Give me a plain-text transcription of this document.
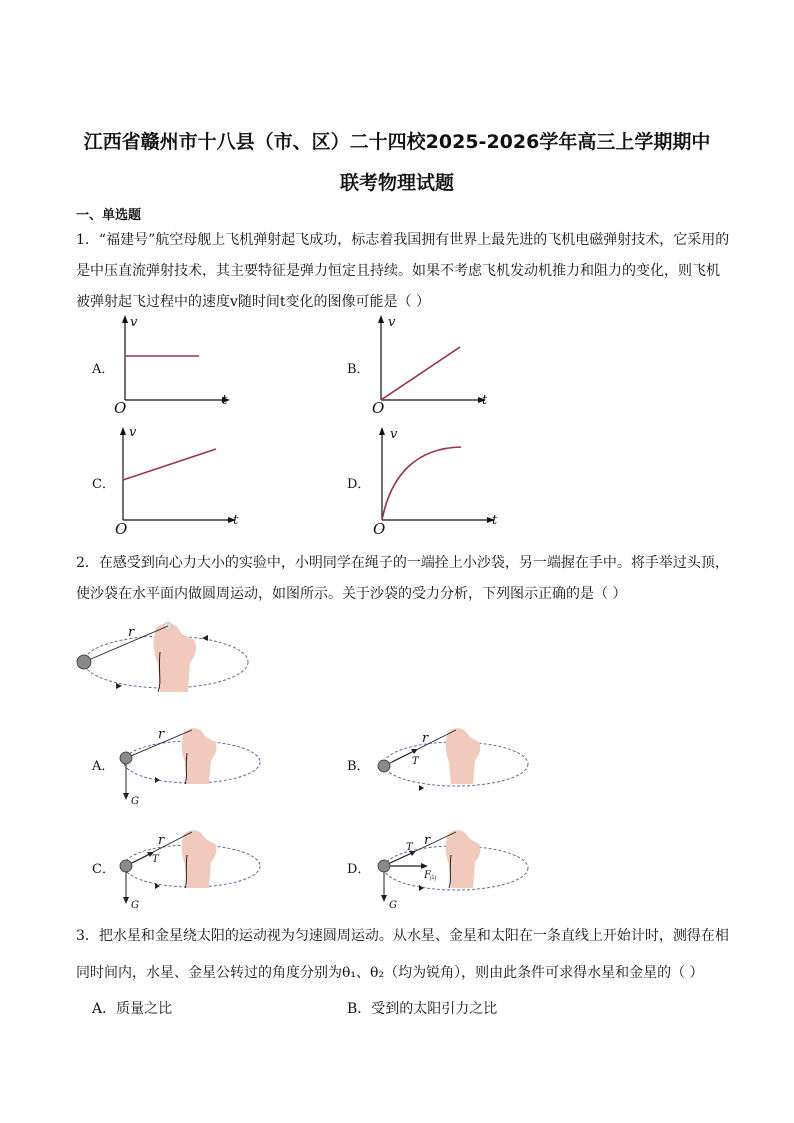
江西省赣州市十八县（市、区）二十四校2025-2026学年高三上学期期中
联考物理试题
一、单选题
1．“福建号”航空母舰上飞机弹射起飞成功，标志着我国拥有世界上最先进的飞机电磁弹射技术，它采用的
是中压直流弹射技术，其主要特征是弹力恒定且持续。如果不考虑飞机发动机推力和阻力的变化，则飞机
被弹射起飞过程中的速度v随时间t变化的图像可能是（ ）
A．	B．
C．	D．
v
t
O
v
t
O
v
t
O
v
t
O
2．在感受到向心力大小的实验中，小明同学在绳子的一端拴上小沙袋，另一端握在手中。将手举过头顶，
使沙袋在水平面内做圆周运动，如图所示。关于沙袋的受力分析，下列图示正确的是（ ）
r
A．
r
G
B．
r
T
C．
r
T
G
D．
r
T
F 向
G
3．把水星和金星绕太阳的运动视为匀速圆周运动。从水星、金星和太阳在一条直线上开始计时，测得在相
同时间内，水星、金星公转过的角度分别为θ₁、θ₂（均为锐角），则由此条件可求得水星和金星的（ ）
A．质量之比	B．受到的太阳引力之比
